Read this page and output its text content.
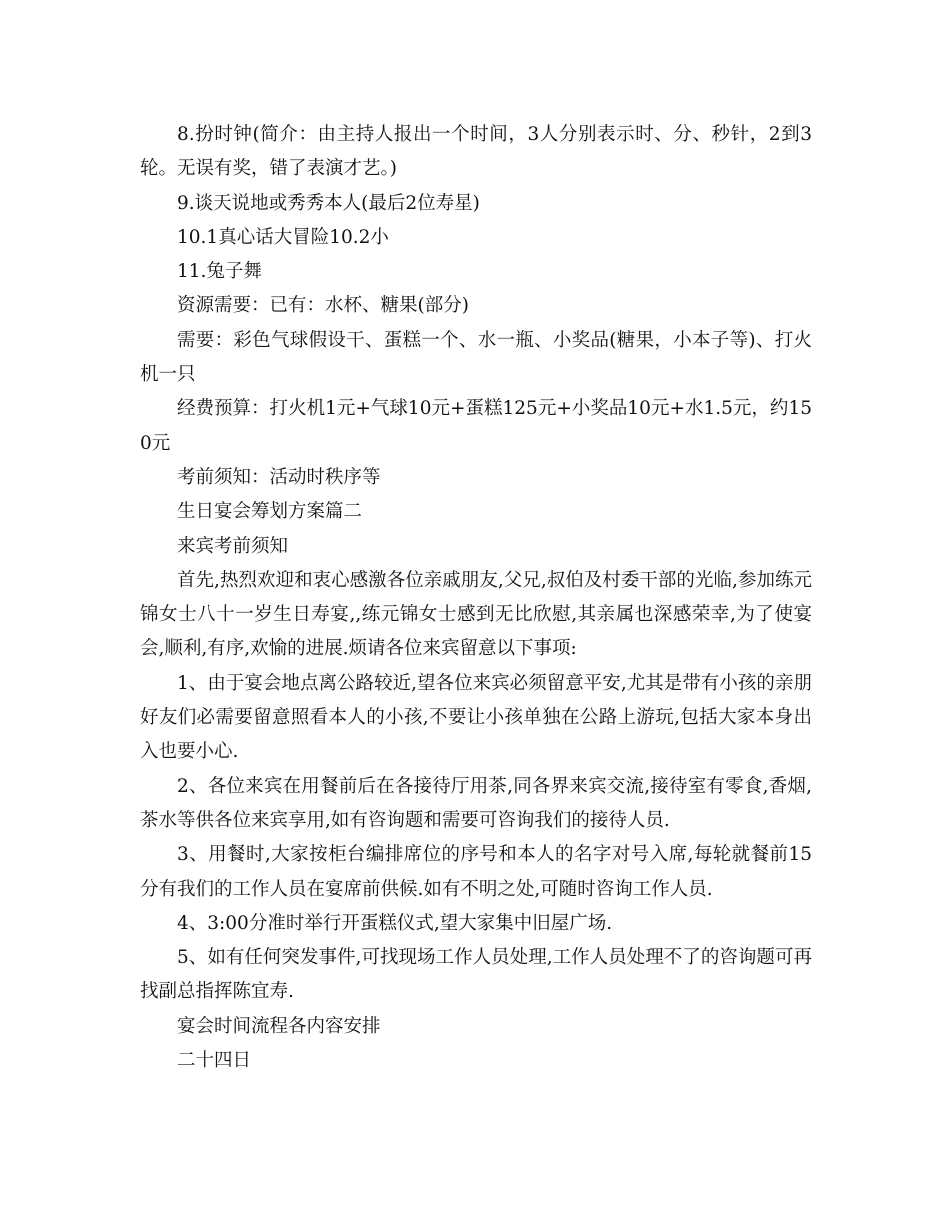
8.扮时钟(简介：由主持人报出一个时间，3人分别表示时、分、秒针，2到3轮。无误有奖，错了表演才艺。)

9.谈天说地或秀秀本人(最后2位寿星)

10.1真心话大冒险10.2小

11.兔子舞

资源需要：已有：水杯、糖果(部分)

需要：彩色气球假设干、蛋糕一个、水一瓶、小奖品(糖果，小本子等)、打火机一只

经费预算：打火机1元+气球10元+蛋糕125元+小奖品10元+水1.5元，约150元

考前须知：活动时秩序等

生日宴会筹划方案篇二

来宾考前须知

首先,热烈欢迎和衷心感激各位亲戚朋友,父兄,叔伯及村委干部的光临,参加练元锦女士八十一岁生日寿宴,,练元锦女士感到无比欣慰,其亲属也深感荣幸,为了使宴会,顺利,有序,欢愉的进展.烦请各位来宾留意以下事项:

1、由于宴会地点离公路较近,望各位来宾必须留意平安,尤其是带有小孩的亲朋好友们必需要留意照看本人的小孩,不要让小孩单独在公路上游玩,包括大家本身出入也要小心.

2、各位来宾在用餐前后在各接待厅用茶,同各界来宾交流,接待室有零食,香烟,茶水等供各位来宾享用,如有咨询题和需要可咨询我们的接待人员.

3、用餐时,大家按柜台编排席位的序号和本人的名字对号入席,每轮就餐前15分有我们的工作人员在宴席前供候.如有不明之处,可随时咨询工作人员.

4、3:00分准时举行开蛋糕仪式,望大家集中旧屋广场.

5、如有任何突发事件,可找现场工作人员处理,工作人员处理不了的咨询题可再找副总指挥陈宜寿.

宴会时间流程各内容安排

二十四日
